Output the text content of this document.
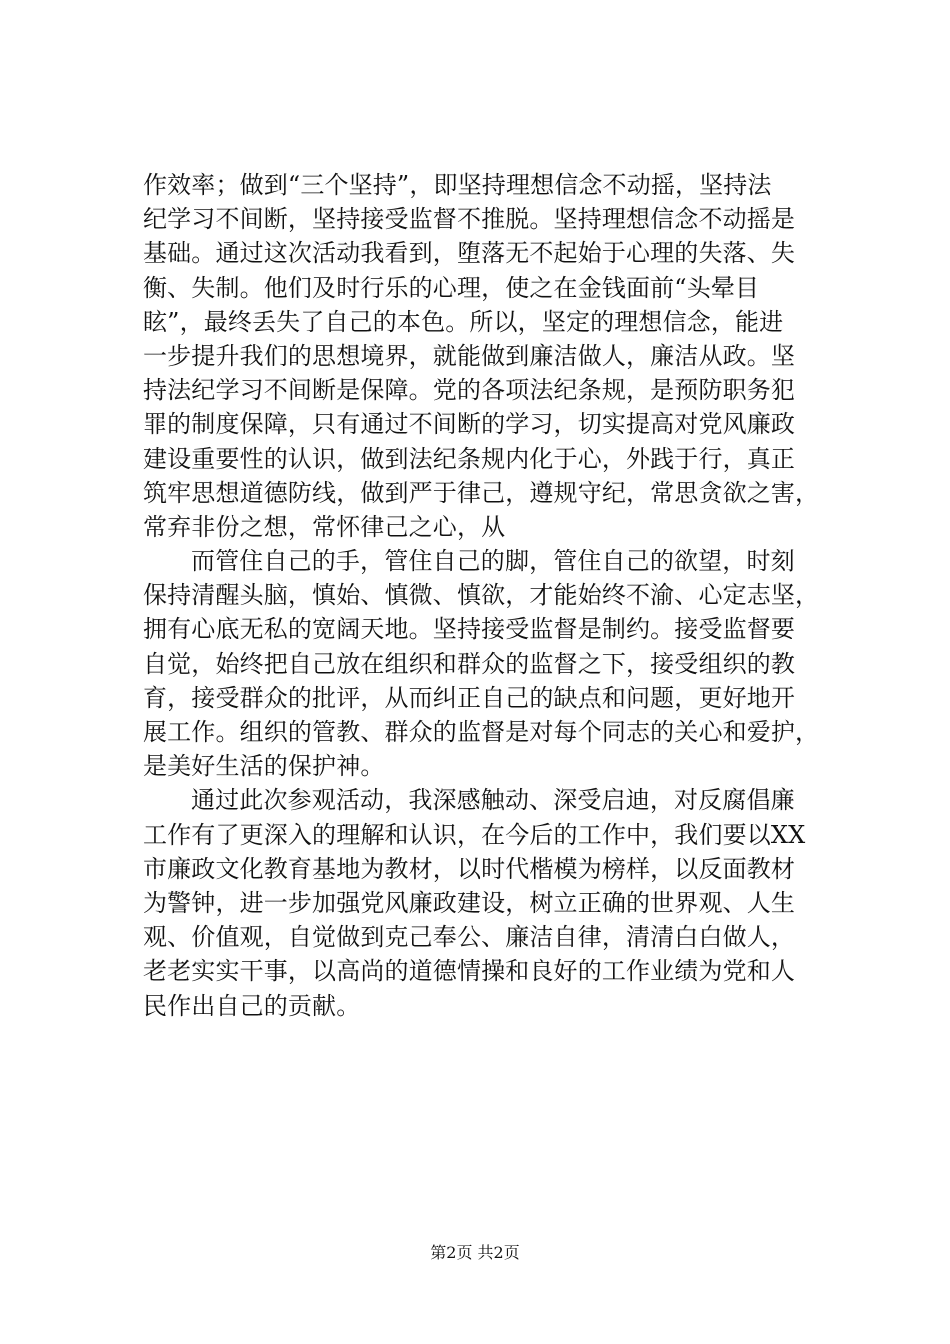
作效率；做到“三个坚持”，即坚持理想信念不动摇，坚持法
纪学习不间断，坚持接受监督不推脱。坚持理想信念不动摇是
基础。通过这次活动我看到，堕落无不起始于心理的失落、失
衡、失制。他们及时行乐的心理，使之在金钱面前“头晕目
眩”，最终丢失了自己的本色。所以，坚定的理想信念，能进
一步提升我们的思想境界，就能做到廉洁做人，廉洁从政。坚
持法纪学习不间断是保障。党的各项法纪条规，是预防职务犯
罪的制度保障，只有通过不间断的学习，切实提高对党风廉政
建设重要性的认识，做到法纪条规内化于心，外践于行，真正
筑牢思想道德防线，做到严于律己，遵规守纪，常思贪欲之害，
常弃非份之想，常怀律己之心，从
而管住自己的手，管住自己的脚，管住自己的欲望，时刻
保持清醒头脑，慎始、慎微、慎欲，才能始终不渝、心定志坚，
拥有心底无私的宽阔天地。坚持接受监督是制约。接受监督要
自觉，始终把自己放在组织和群众的监督之下，接受组织的教
育，接受群众的批评，从而纠正自己的缺点和问题，更好地开
展工作。组织的管教、群众的监督是对每个同志的关心和爱护，
是美好生活的保护神。
通过此次参观活动，我深感触动、深受启迪，对反腐倡廉
工作有了更深入的理解和认识，在今后的工作中，我们要以XX
市廉政文化教育基地为教材，以时代楷模为榜样，以反面教材
为警钟，进一步加强党风廉政建设，树立正确的世界观、人生
观、价值观，自觉做到克己奉公、廉洁自律，清清白白做人，
老老实实干事，以高尚的道德情操和良好的工作业绩为党和人
民作出自己的贡献。
第2页 共2页
